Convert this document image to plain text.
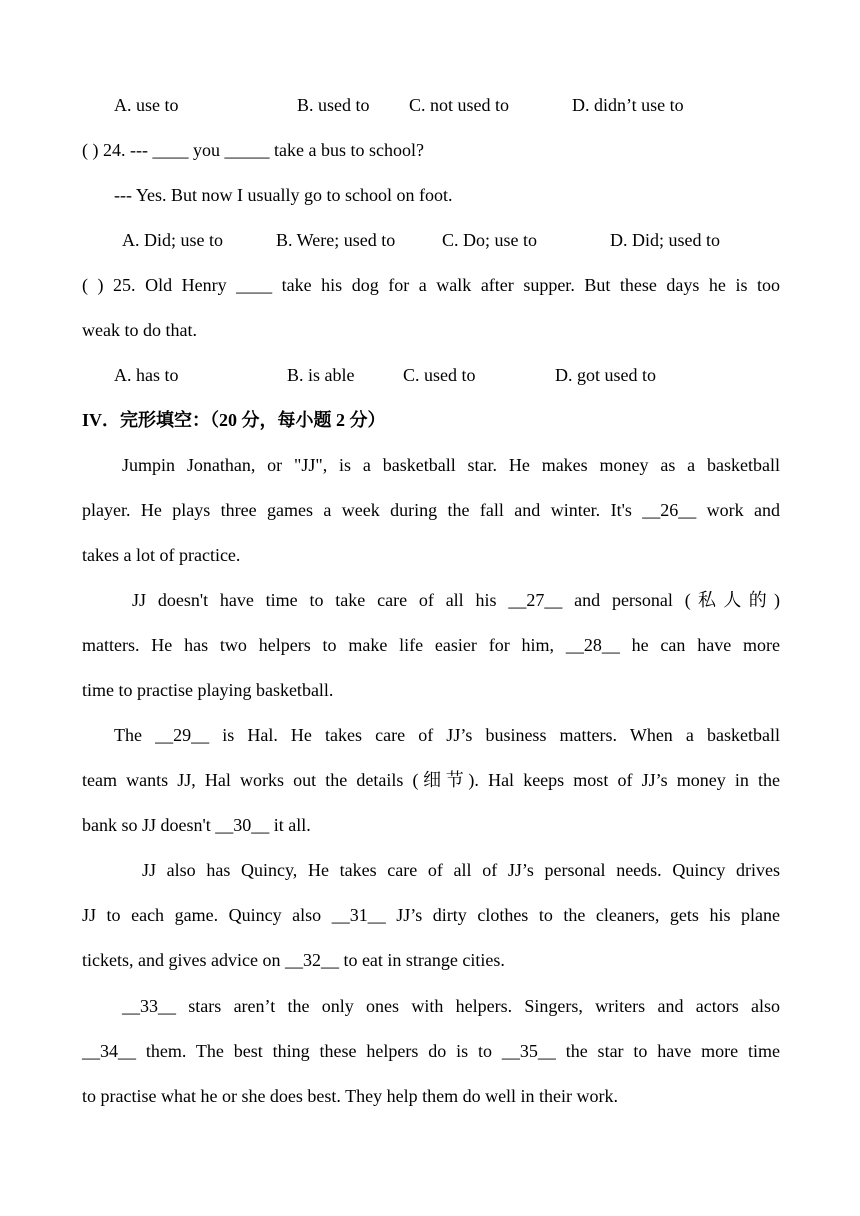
A. use to	B. used to C. not used to	D. didn’t use to
( ) 24. --- ____ you _____ take a bus to school?
--- Yes. But now I usually go to school on foot.
A. Did; use to	B. Were; used to	C. Do; use to	D. Did; used to
( ) 25. Old Henry ____ take his dog for a walk after supper. But these days he is too
weak to do that.
A. has to	B. is able	C. used to	D. got used to
IV．完形填空：（20 分，每小题 2 分）
Jumpin Jonathan, or "JJ", is a basketball star. He makes money as a basketball
player. He plays three games a week during the fall and winter. It's __26__ work and
takes a lot of practice.
JJ doesn't have time to take care of all his __27__ and personal (私人的)
matters. He has two helpers to make life easier for him, __28__ he can have more
time to practise playing basketball.
The __29__ is Hal. He takes care of JJ’s business matters. When a basketball
team wants JJ, Hal works out the details (细节). Hal keeps most of JJ’s money in the
bank so JJ doesn't __30__ it all.
JJ also has Quincy, He takes care of all of JJ’s personal needs. Quincy drives
JJ to each game. Quincy also __31__ JJ’s dirty clothes to the cleaners, gets his plane
tickets, and gives advice on __32__ to eat in strange cities.
__33__ stars aren’t the only ones with helpers. Singers, writers and actors also
__34__ them. The best thing these helpers do is to __35__ the star to have more time
to practise what he or she does best. They help them do well in their work.
